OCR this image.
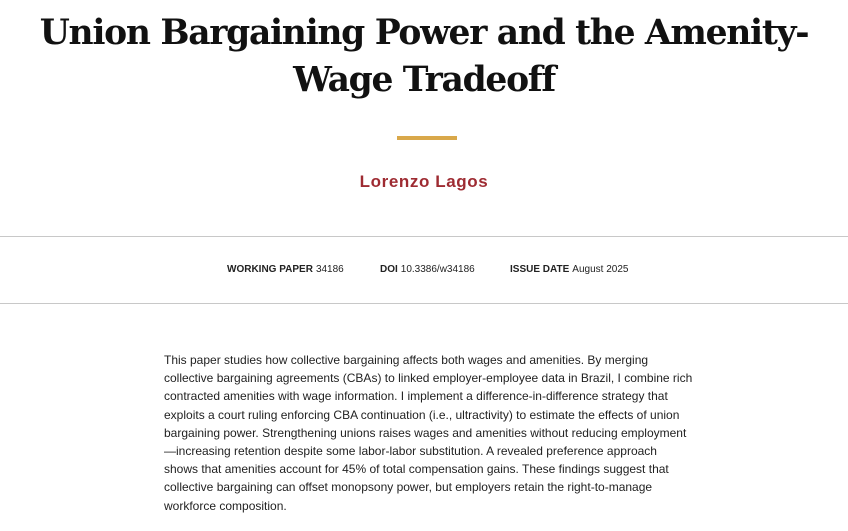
Union Bargaining Power and the Amenity-Wage Tradeoff
Lorenzo Lagos
WORKING PAPER 34186	DOI 10.3386/w34186	ISSUE DATE August 2025

This paper studies how collective bargaining affects both wages and amenities. By merging collective bargaining agreements (CBAs) to linked employer-employee data in Brazil, I combine rich contracted amenities with wage information. I implement a difference-in-difference strategy that exploits a court ruling enforcing CBA continuation (i.e., ultractivity) to estimate the effects of union bargaining power. Strengthening unions raises wages and amenities without reducing employment—increasing retention despite some labor-labor substitution. A revealed preference approach shows that amenities account for 45% of total compensation gains. These findings suggest that collective bargaining can offset monopsony power, but employers retain the right-to-manage workforce composition.
